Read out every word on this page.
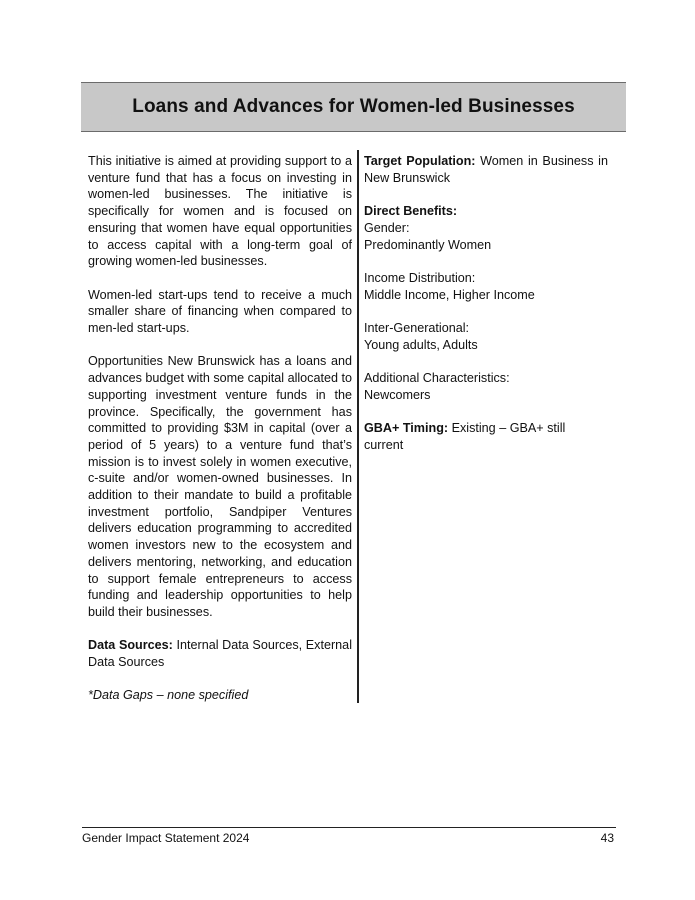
Loans and Advances for Women-led Businesses

This initiative is aimed at providing support to a venture fund that has a focus on investing in women-led businesses. The initiative is specifically for women and is focused on ensuring that women have equal opportunities to access capital with a long-term goal of growing women-led businesses.

Women-led start-ups tend to receive a much smaller share of financing when compared to men-led start-ups.

Opportunities New Brunswick has a loans and advances budget with some capital allocated to supporting investment venture funds in the province. Specifically, the government has committed to providing $3M in capital (over a period of 5 years) to a venture fund that’s mission is to invest solely in women executive, c-suite and/or women-owned businesses. In addition to their mandate to build a profitable investment portfolio, Sandpiper Ventures delivers education programming to accredited women investors new to the ecosystem and delivers mentoring, networking, and education to support female entrepreneurs to access funding and leadership opportunities to help build their businesses.

Data Sources: Internal Data Sources, External Data Sources

*Data Gaps – none specified

Target Population: Women in Business in New Brunswick
Direct Benefits:
Gender:
Predominantly Women
Income Distribution:
Middle Income, Higher Income
Inter-Generational:
Young adults, Adults
Additional Characteristics:
Newcomers
GBA+ Timing: Existing – GBA+ still current
Gender Impact Statement 2024	43
